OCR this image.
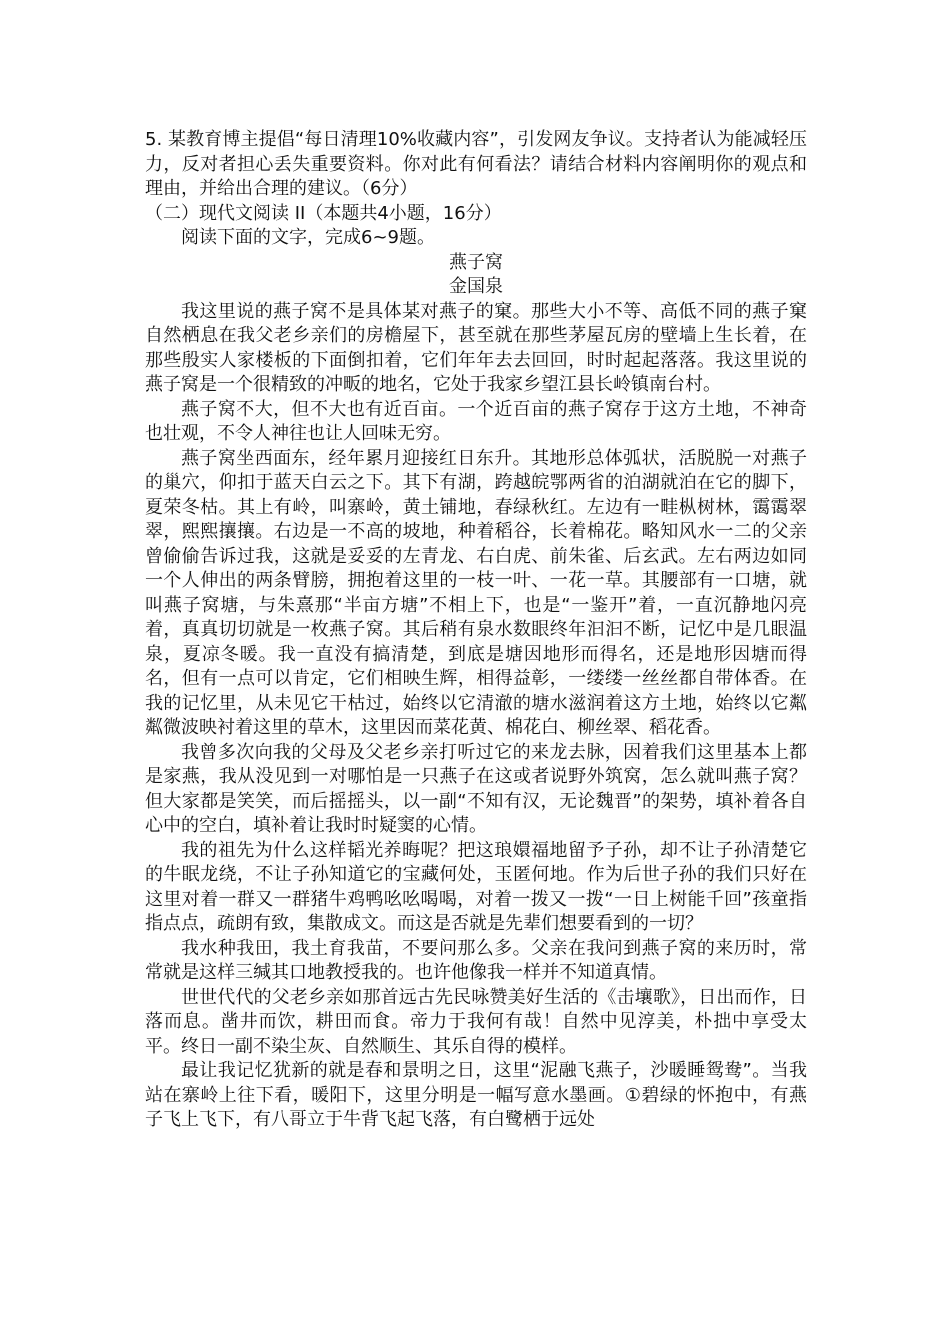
5. 某教育博主提倡“每日清理10%收藏内容”，引发网友争议。支持者认为能减轻压力，反对者担心丢失重要资料。你对此有何看法？请结合材料内容阐明你的观点和理由，并给出合理的建议。（6分）

（二）现代文阅读 II（本题共4小题，16分）

阅读下面的文字，完成6~9题。

燕子窝

金国泉

我这里说的燕子窝不是具体某对燕子的窠。那些大小不等、高低不同的燕子窠自然栖息在我父老乡亲们的房檐屋下，甚至就在那些茅屋瓦房的壁墙上生长着，在那些殷实人家楼板的下面倒扣着，它们年年去去回回，时时起起落落。我这里说的燕子窝是一个很精致的冲畈的地名，它处于我家乡望江县长岭镇南台村。

燕子窝不大，但不大也有近百亩。一个近百亩的燕子窝存于这方土地，不神奇也壮观，不令人神往也让人回味无穷。

燕子窝坐西面东，经年累月迎接红日东升。其地形总体弧状，活脱脱一对燕子的巢穴，仰扣于蓝天白云之下。其下有湖，跨越皖鄂两省的泊湖就泊在它的脚下，夏荣冬枯。其上有岭，叫寨岭，黄土铺地，春绿秋红。左边有一畦枞树林，霭霭翠翠，熙熙攘攘。右边是一不高的坡地，种着稻谷，长着棉花。略知风水一二的父亲曾偷偷告诉过我，这就是妥妥的左青龙、右白虎、前朱雀、后玄武。左右两边如同一个人伸出的两条臂膀，拥抱着这里的一枝一叶、一花一草。其腰部有一口塘，就叫燕子窝塘，与朱熹那“半亩方塘”不相上下，也是“一鉴开”着，一直沉静地闪亮着，真真切切就是一枚燕子窝。其后稍有泉水数眼终年汩汩不断，记忆中是几眼温泉，夏凉冬暖。我一直没有搞清楚，到底是塘因地形而得名，还是地形因塘而得名，但有一点可以肯定，它们相映生辉，相得益彰，一缕缕一丝丝都自带体香。在我的记忆里，从未见它干枯过，始终以它清澈的塘水滋润着这方土地，始终以它粼粼微波映衬着这里的草木，这里因而菜花黄、棉花白、柳丝翠、稻花香。

我曾多次向我的父母及父老乡亲打听过它的来龙去脉，因着我们这里基本上都是家燕，我从没见到一对哪怕是一只燕子在这或者说野外筑窝，怎么就叫燕子窝？但大家都是笑笑，而后摇摇头，以一副“不知有汉，无论魏晋”的架势，填补着各自心中的空白，填补着让我时时疑窦的心情。

我的祖先为什么这样韬光养晦呢？把这琅嬛福地留予子孙，却不让子孙清楚它的牛眠龙绕，不让子孙知道它的宝藏何处，玉匿何地。作为后世子孙的我们只好在这里对着一群又一群猪牛鸡鸭吆吆喝喝，对着一拨又一拨“一日上树能千回”孩童指指点点，疏朗有致，集散成文。而这是否就是先辈们想要看到的一切？

我水种我田，我土育我苗，不要问那么多。父亲在我问到燕子窝的来历时，常常就是这样三缄其口地教授我的。也许他像我一样并不知道真情。

世世代代的父老乡亲如那首远古先民咏赞美好生活的《击壤歌》，日出而作，日落而息。凿井而饮，耕田而食。帝力于我何有哉！自然中见淳美，朴拙中享受太平。终日一副不染尘灰、自然顺生、其乐自得的模样。

最让我记忆犹新的就是春和景明之日，这里“泥融飞燕子，沙暖睡鸳鸯”。当我站在寨岭上往下看，暖阳下，这里分明是一幅写意水墨画。①碧绿的怀抱中，有燕子飞上飞下，有八哥立于牛背飞起飞落，有白鹭栖于远处
